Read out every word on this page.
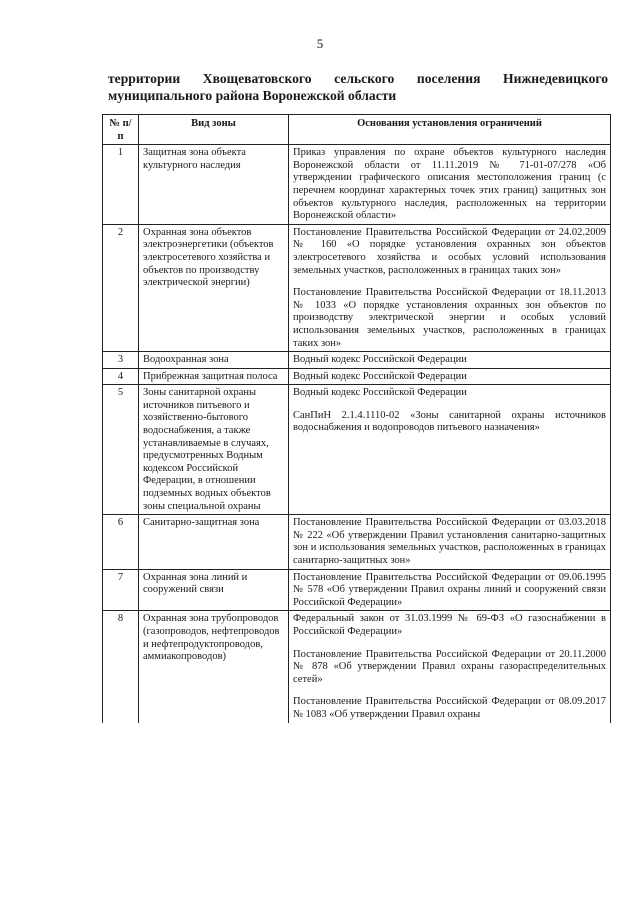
5
территории Хвощеватовского сельского поселения Нижнедевицкого
муниципального района Воронежской области
№ п/п	Вид зоны	Основания установления ограничений
1	Защитная зона объекта культурного наследия	Приказ управления по охране объектов культурного наследия Воронежской области от 11.11.2019 № 71-01-07/278 «Об утверждении графического описания местоположения границ (с перечнем координат характерных точек этих границ) защитных зон объектов культурного наследия, расположенных на территории Воронежской области»

2	Охранная зона объектов электроэнергетики (объектов электросетевого хозяйства и объектов по производству электрической энергии)	Постановление Правительства Российской Федерации от 24.02.2009 № 160 «О порядке установления охранных зон объектов электросетевого хозяйства и особых условий использования земельных участков, расположенных в границах таких зон»

Постановление Правительства Российской Федерации от 18.11.2013 № 1033 «О порядке установления охранных зон объектов по производству электрической энергии и особых условий использования земельных участков, расположенных в границах таких зон»

3	Водоохранная зона	Водный кодекс Российской Федерации

4	Прибрежная защитная полоса	Водный кодекс Российской Федерации

5	Зоны санитарной охраны источников питьевого и хозяйственно-бытового водоснабжения, а также устанавливаемые в случаях, предусмотренных Водным кодексом Российской Федерации, в отношении подземных водных объектов зоны специальной охраны	Водный кодекс Российской Федерации

СанПиН 2.1.4.1110-02 «Зоны санитарной охраны источников водоснабжения и водопроводов питьевого назначения»

6	Санитарно-защитная зона	Постановление Правительства Российской Федерации от 03.03.2018 № 222 «Об утверждении Правил установления санитарно-защитных зон и использования земельных участков, расположенных в границах санитарно-защитных зон»

7	Охранная зона линий и сооружений связи	Постановление Правительства Российской Федерации от 09.06.1995 № 578 «Об утверждении Правил охраны линий и сооружений связи Российской Федерации»

8	Охранная зона трубопроводов (газопроводов, нефтепроводов и нефтепродуктопроводов, аммиакопроводов)	Федеральный закон от 31.03.1999 № 69-ФЗ «О газоснабжении в Российской Федерации»

Постановление Правительства Российской Федерации от 20.11.2000 № 878 «Об утверждении Правил охраны газораспределительных сетей»

Постановление Правительства Российской Федерации от 08.09.2017 № 1083 «Об утверждении Правил охраны
